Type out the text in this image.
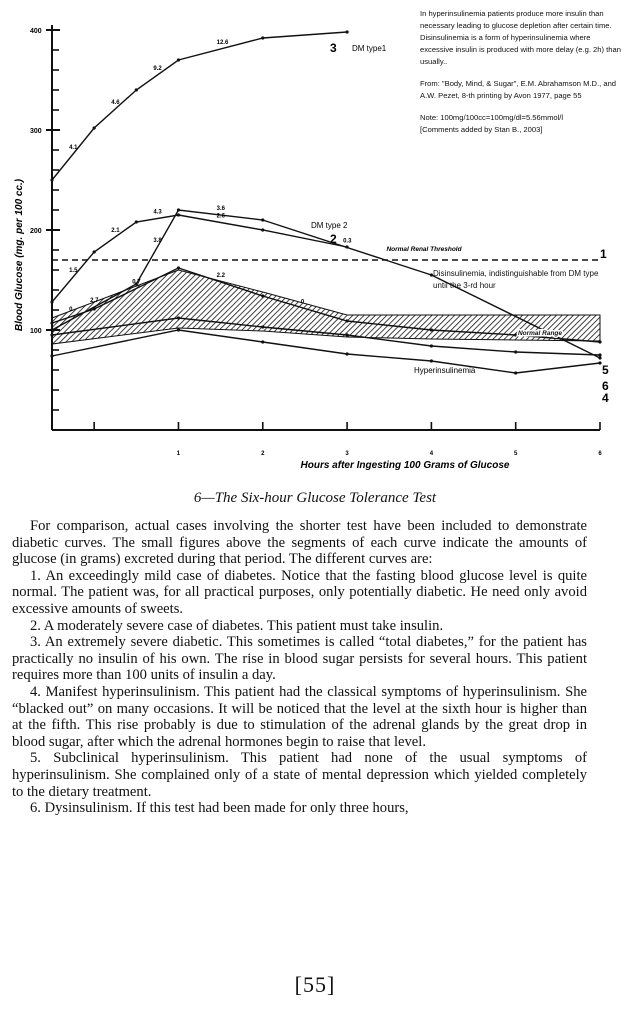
100
200
300
400
1	2	3	4	5	6
4.1
4.6
9.2
12.6	3
1.5
2.1
4.3
2.6
2
2.7
3.8
3.6
0.3
6
0
0.7
2.2
0
1
5
4
Blood Glucose (mg. per 100 cc.)
Hours after Ingesting 100 Grams of Glucose
Normal Renal Threshold
Normal Range
DM type1
DM type 2
Hyperinsulinemia
Disinsulinemia, indistinguishable from DM type until the 3-rd hour

In hyperinsulinemia patients produce more insulin than necessary leading to glucose depletion after certain time. Disinsulinemia is a form of hyperinsulinemia where excessive insulin is produced with more delay (e.g. 2h) than usually..

From: "Body, Mind, & Sugar", E.M. Abrahamson M.D., and A.W. Pezet, 8-th printing by Avon 1977, page 55

Note: 100mg/100cc=100mg/dl=5.56mmol/l

[Comments added by Stan B., 2003]

6—The Six-hour Glucose Tolerance Test

For comparison, actual cases involving the shorter test have been included to demonstrate diabetic curves. The small figures above the segments of each curve indicate the amounts of glucose (in grams) excreted during that period. The different curves are:

1. An exceedingly mild case of diabetes. Notice that the fasting blood glucose level is quite normal. The patient was, for all practical purposes, only potentially diabetic. He need only avoid excessive amounts of sweets.

2. A moderately severe case of diabetes. This patient must take insulin.

3. An extremely severe diabetic. This sometimes is called “total diabetes,” for the patient has practically no insulin of his own. The rise in blood sugar persists for several hours. This patient requires more than 100 units of insulin a day.

4. Manifest hyperinsulinism. This patient had the classical symptoms of hyperinsulinism. She “blacked out” on many occasions. It will be noticed that the level at the sixth hour is higher than at the fifth. This rise probably is due to stimulation of the adrenal glands by the great drop in blood sugar, after which the adrenal hormones begin to raise that level.

5. Subclinical hyperinsulinism. This patient had none of the usual symptoms of hyperinsulinism. She complained only of a state of mental depression which yielded completely to the dietary treatment.

6. Dysinsulinism. If this test had been made for only three hours,

[55]
